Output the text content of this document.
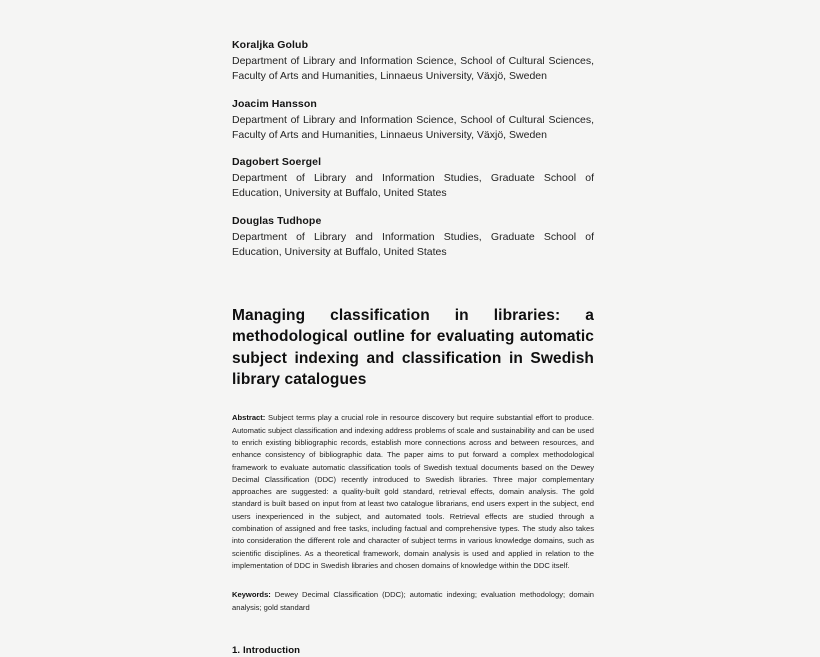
Koraljka Golub

Department of Library and Information Science, School of Cultural Sciences, Faculty of Arts and Humanities, Linnaeus University, Växjö, Sweden

Joacim Hansson

Department of Library and Information Science, School of Cultural Sciences, Faculty of Arts and Humanities, Linnaeus University, Växjö, Sweden

Dagobert Soergel

Department of Library and Information Studies, Graduate School of Education, University at Buffalo, United States

Douglas Tudhope

Department of Library and Information Studies, Graduate School of Education, University at Buffalo, United States

Managing classification in libraries: a methodological outline for evaluating automatic subject indexing and classification in Swedish library catalogues

Abstract: Subject terms play a crucial role in resource discovery but require substantial effort to produce. Automatic subject classification and indexing address problems of scale and sustainability and can be used to enrich existing bibliographic records, establish more connections across and between resources, and enhance consistency of bibliographic data. The paper aims to put forward a complex methodological framework to evaluate automatic classification tools of Swedish textual documents based on the Dewey Decimal Classification (DDC) recently introduced to Swedish libraries. Three major complementary approaches are suggested: a quality-built gold standard, retrieval effects, domain analysis. The gold standard is built based on input from at least two catalogue librarians, end users expert in the subject, end users inexperienced in the subject, and automated tools. Retrieval effects are studied through a combination of assigned and free tasks, including factual and comprehensive types. The study also takes into consideration the different role and character of subject terms in various knowledge domains, such as scientific disciplines. As a theoretical framework, domain analysis is used and applied in relation to the implementation of DDC in Swedish libraries and chosen domains of knowledge within the DDC itself.

Keywords: Dewey Decimal Classification (DDC); automatic indexing; evaluation methodology; domain analysis; gold standard

1. Introduction
